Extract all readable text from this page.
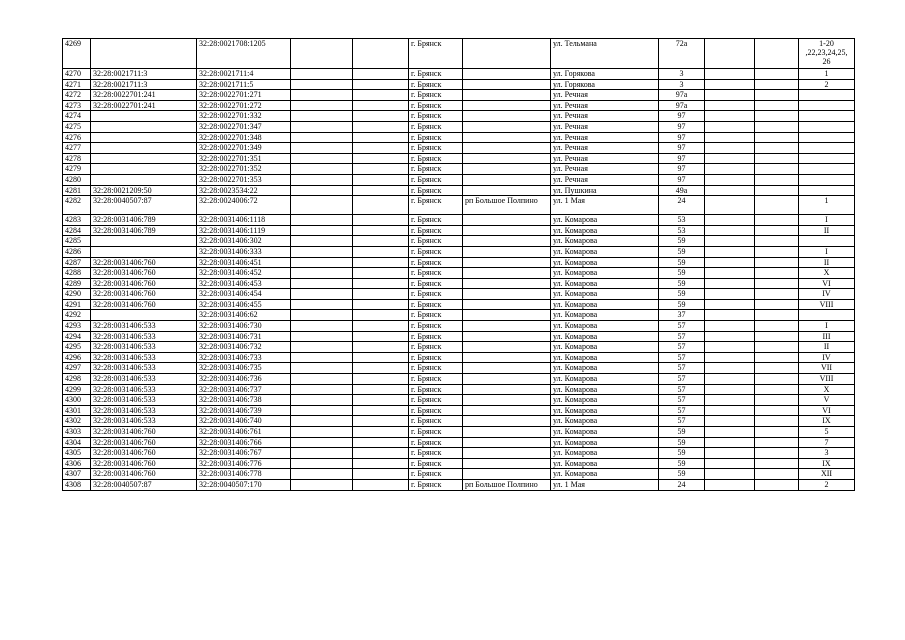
4269		32:28:0021708:1205			г. Брянск		ул. Тельмана	72а			1-20 ,22,23,24,25, 26
4270	32:28:0021711:3	32:28:0021711:4			г. Брянск		ул. Горякова	3			1
4271	32:28:0021711:3	32:28:0021711:5			г. Брянск		ул. Горякова	3			2
4272	32:28:0022701:241	32:28:0022701:271			г. Брянск		ул. Речная	97а			
4273	32:28:0022701:241	32:28:0022701:272			г. Брянск		ул. Речная	97а			
4274		32:28:0022701:332			г. Брянск		ул. Речная	97			
4275		32:28:0022701:347			г. Брянск		ул. Речная	97			
4276		32:28:0022701:348			г. Брянск		ул. Речная	97			
4277		32:28:0022701:349			г. Брянск		ул. Речная	97			
4278		32:28:0022701:351			г. Брянск		ул. Речная	97			
4279		32:28:0022701:352			г. Брянск		ул. Речная	97			
4280		32:28:0022701:353			г. Брянск		ул. Речная	97			
4281	32:28:0021209:50	32:28:0023534:22			г. Брянск		ул. Пушкина	49а			
4282	32:28:0040507:87	32:28:0024006:72			г. Брянск	рп Большое Полпино	ул. 1 Мая	24			1
4283	32:28:0031406:789	32:28:0031406:1118			г. Брянск		ул. Комарова	53			I
4284	32:28:0031406:789	32:28:0031406:1119			г. Брянск		ул. Комарова	53			II
4285		32:28:0031406:302			г. Брянск		ул. Комарова	59			
4286		32:28:0031406:333			г. Брянск		ул. Комарова	59			I
4287	32:28:0031406:760	32:28:0031406:451			г. Брянск		ул. Комарова	59			II
4288	32:28:0031406:760	32:28:0031406:452			г. Брянск		ул. Комарова	59			X
4289	32:28:0031406:760	32:28:0031406:453			г. Брянск		ул. Комарова	59			VI
4290	32:28:0031406:760	32:28:0031406:454			г. Брянск		ул. Комарова	59			IV
4291	32:28:0031406:760	32:28:0031406:455			г. Брянск		ул. Комарова	59			VIII
4292		32:28:0031406:62			г. Брянск		ул. Комарова	37			
4293	32:28:0031406:533	32:28:0031406:730			г. Брянск		ул. Комарова	57			I
4294	32:28:0031406:533	32:28:0031406:731			г. Брянск		ул. Комарова	57			III
4295	32:28:0031406:533	32:28:0031406:732			г. Брянск		ул. Комарова	57			II
4296	32:28:0031406:533	32:28:0031406:733			г. Брянск		ул. Комарова	57			IV
4297	32:28:0031406:533	32:28:0031406:735			г. Брянск		ул. Комарова	57			VII
4298	32:28:0031406:533	32:28:0031406:736			г. Брянск		ул. Комарова	57			VIII
4299	32:28:0031406:533	32:28:0031406:737			г. Брянск		ул. Комарова	57			X
4300	32:28:0031406:533	32:28:0031406:738			г. Брянск		ул. Комарова	57			V
4301	32:28:0031406:533	32:28:0031406:739			г. Брянск		ул. Комарова	57			VI
4302	32:28:0031406:533	32:28:0031406:740			г. Брянск		ул. Комарова	57			IX
4303	32:28:0031406:760	32:28:0031406:761			г. Брянск		ул. Комарова	59			5
4304	32:28:0031406:760	32:28:0031406:766			г. Брянск		ул. Комарова	59			7
4305	32:28:0031406:760	32:28:0031406:767			г. Брянск		ул. Комарова	59			3
4306	32:28:0031406:760	32:28:0031406:776			г. Брянск		ул. Комарова	59			IX
4307	32:28:0031406:760	32:28:0031406:778			г. Брянск		ул. Комарова	59			XII
4308	32:28:0040507:87	32:28:0040507:170			г. Брянск	рп Большое Полпино	ул. 1 Мая	24			2
